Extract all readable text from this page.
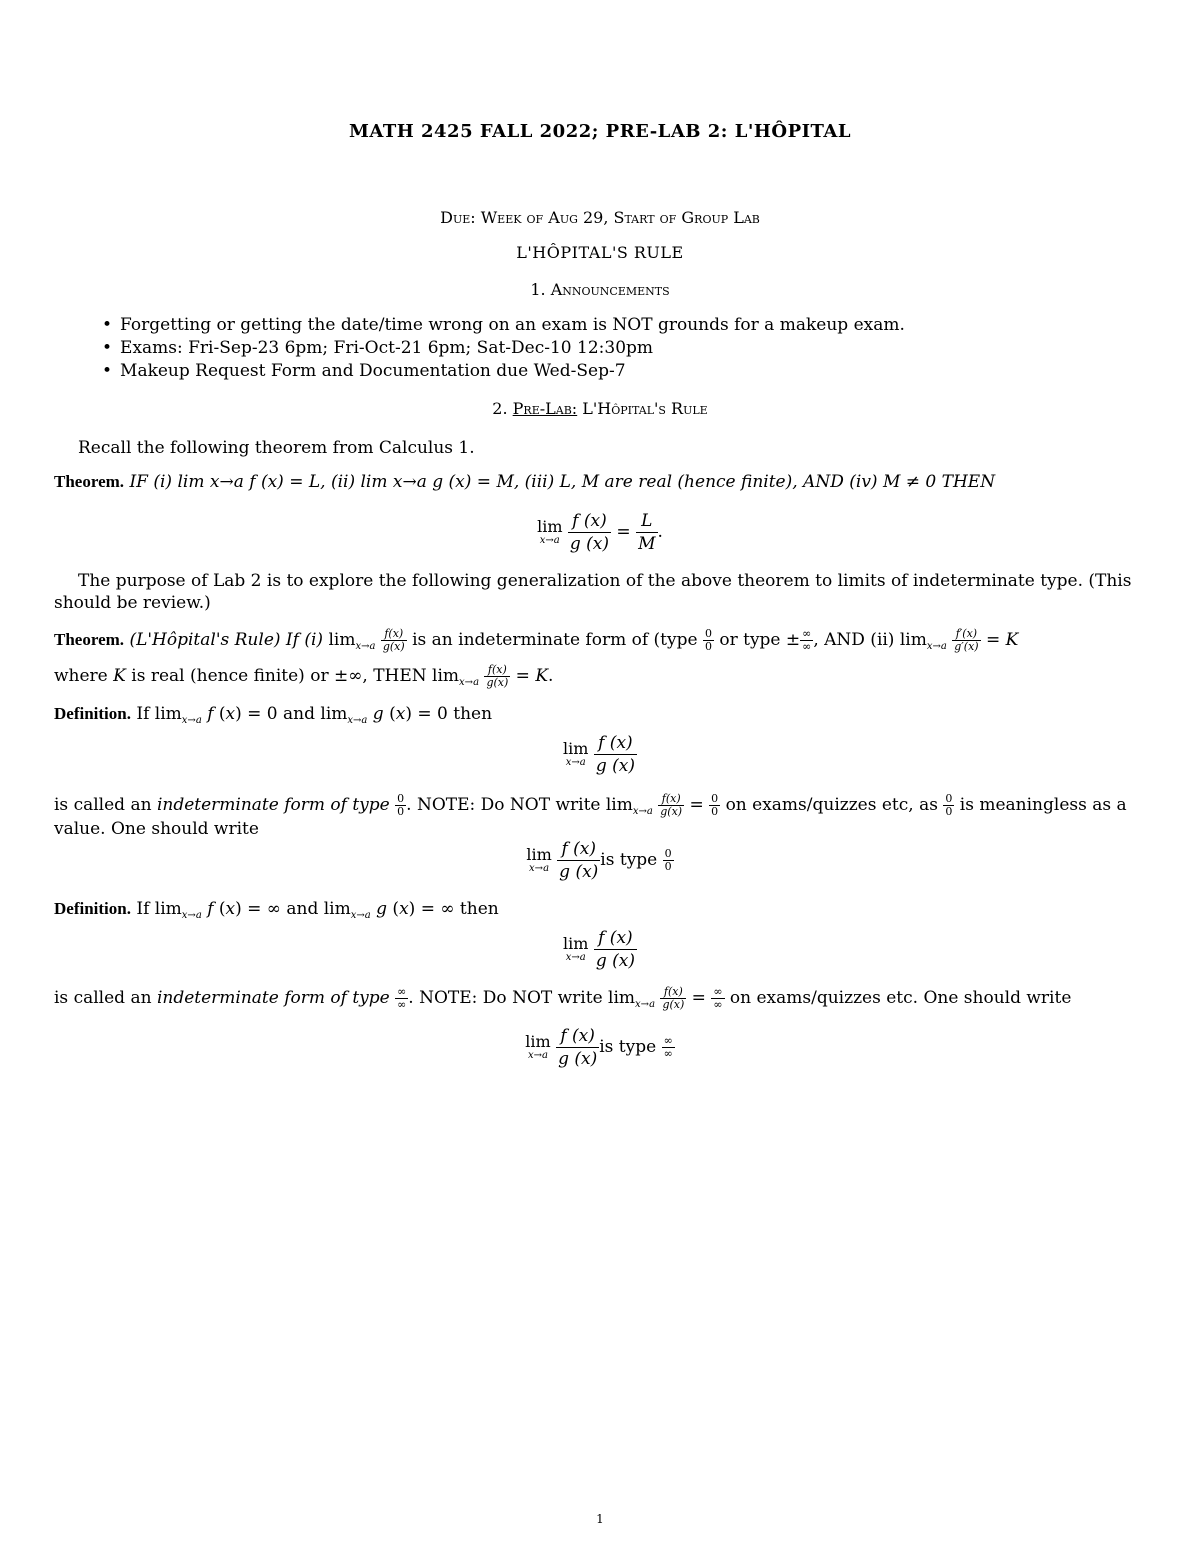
MATH 2425 FALL 2022; PRE-LAB 2: L'HÔPITAL
Due: Week of Aug 29, Start of Group Lab
L'HÔPITAL'S RULE
1. Announcements
• Forgetting or getting the date/time wrong on an exam is NOT grounds for a makeup exam.
• Exams: Fri-Sep-23 6pm; Fri-Oct-21 6pm; Sat-Dec-10 12:30pm
• Makeup Request Form and Documentation due Wed-Sep-7
2. Pre-Lab: L'Hôpital's Rule
Recall the following theorem from Calculus 1.
Theorem. IF (i) lim x→a f (x) = L, (ii) lim x→a g (x) = M, (iii) L, M are real (hence finite), AND (iv) M ≠ 0 THEN
lim
x→a
$\frac{f (x)}{g (x)} = \frac{L}{M}$ .
The purpose of Lab 2 is to explore the following generalization of the above theorem to limits of indeterminate type. (This should be review.)
Theorem. (L'Hôpital's Rule) If (i) $\lim_{x\to a} \frac{f(x)}{g(x)}$ is an indeterminate form of (type $\frac{0}{0}$ or type ± $\frac{\infty}{\infty}$ , AND (ii) $\lim_{x\to a} \frac{f'(x)}{g'(x)} = K$
where K is real (hence finite) or ±∞, THEN $\lim_{x\to a} \frac{f(x)}{g(x)} = K$.
Definition. If $\lim_{x\to a} f$ (x) = 0 and $\lim_{x\to a} g$ (x) = 0 then
lim
x→a
$\frac{f (x)}{g (x)}$
is called an indeterminate form of type $\frac{0}{0}$ . NOTE: Do NOT write $\lim_{x\to a} \frac{f(x)}{g(x)} = \frac{0}{0}$ on exams/quizzes etc, as $\frac{0}{0}$ is meaningless as a value. One should write
lim
x→a
$\frac{f (x)}{g (x)}$ is type $\frac{0}{0}$
Definition. If $\lim_{x\to a} f$ (x) = ∞ and $\lim_{x\to a} g$ (x) = ∞ then
lim
x→a
$\frac{f (x)}{g (x)}$
is called an indeterminate form of type $\frac{\infty}{\infty}$ . NOTE: Do NOT write $\lim_{x\to a} \frac{f(x)}{g(x)} = \frac{\infty}{\infty}$ on exams/quizzes etc. One should write
lim
x→a
$\frac{f (x)}{g (x)}$ is type $\frac{\infty}{\infty}$
1
